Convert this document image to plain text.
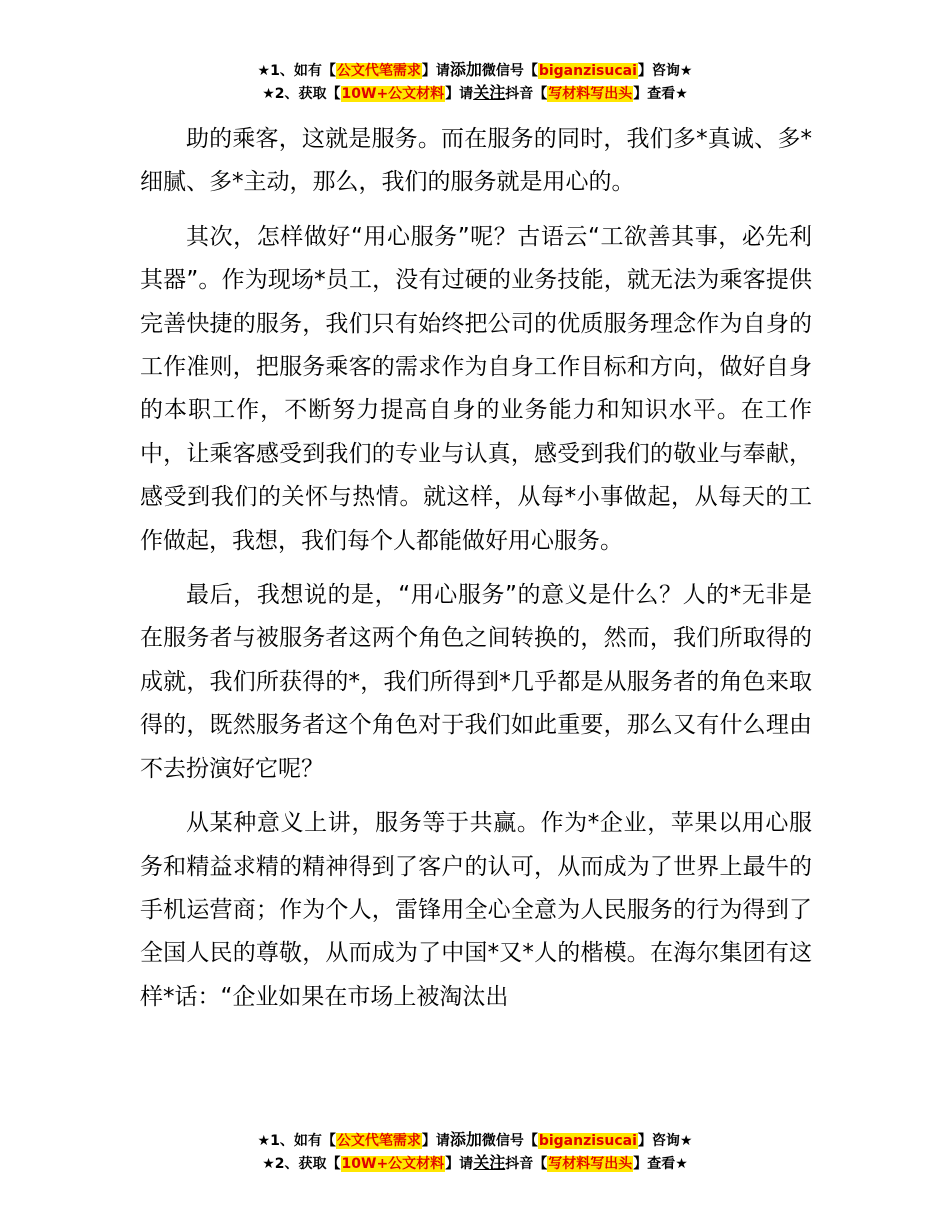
★1、如有【公文代笔需求】请添加微信号【biganzisucai】咨询★
★2、获取【10W+公文材料】请关注抖音【写材料写出头】查看★

助的乘客，这就是服务。而在服务的同时，我们多*真诚、多*细腻、多*主动，那么，我们的服务就是用心的。

其次，怎样做好“用心服务”呢？古语云“工欲善其事，必先利其器”。作为现场*员工，没有过硬的业务技能，就无法为乘客提供完善快捷的服务，我们只有始终把公司的优质服务理念作为自身的工作准则，把服务乘客的需求作为自身工作目标和方向，做好自身的本职工作，不断努力提高自身的业务能力和知识水平。在工作中，让乘客感受到我们的专业与认真，感受到我们的敬业与奉献，感受到我们的关怀与热情。就这样，从每*小事做起，从每天的工作做起，我想，我们每个人都能做好用心服务。

最后，我想说的是，“用心服务”的意义是什么？人的*无非是在服务者与被服务者这两个角色之间转换的，然而，我们所取得的成就，我们所获得的*，我们所得到*几乎都是从服务者的角色来取得的，既然服务者这个角色对于我们如此重要，那么又有什么理由不去扮演好它呢？

从某种意义上讲，服务等于共赢。作为*企业，苹果以用心服务和精益求精的精神得到了客户的认可，从而成为了世界上最牛的手机运营商；作为个人，雷锋用全心全意为人民服务的行为得到了全国人民的尊敬，从而成为了中国*又*人的楷模。在海尔集团有这样*话：“企业如果在市场上被淘汰出

★1、如有【公文代笔需求】请添加微信号【biganzisucai】咨询★
★2、获取【10W+公文材料】请关注抖音【写材料写出头】查看★
